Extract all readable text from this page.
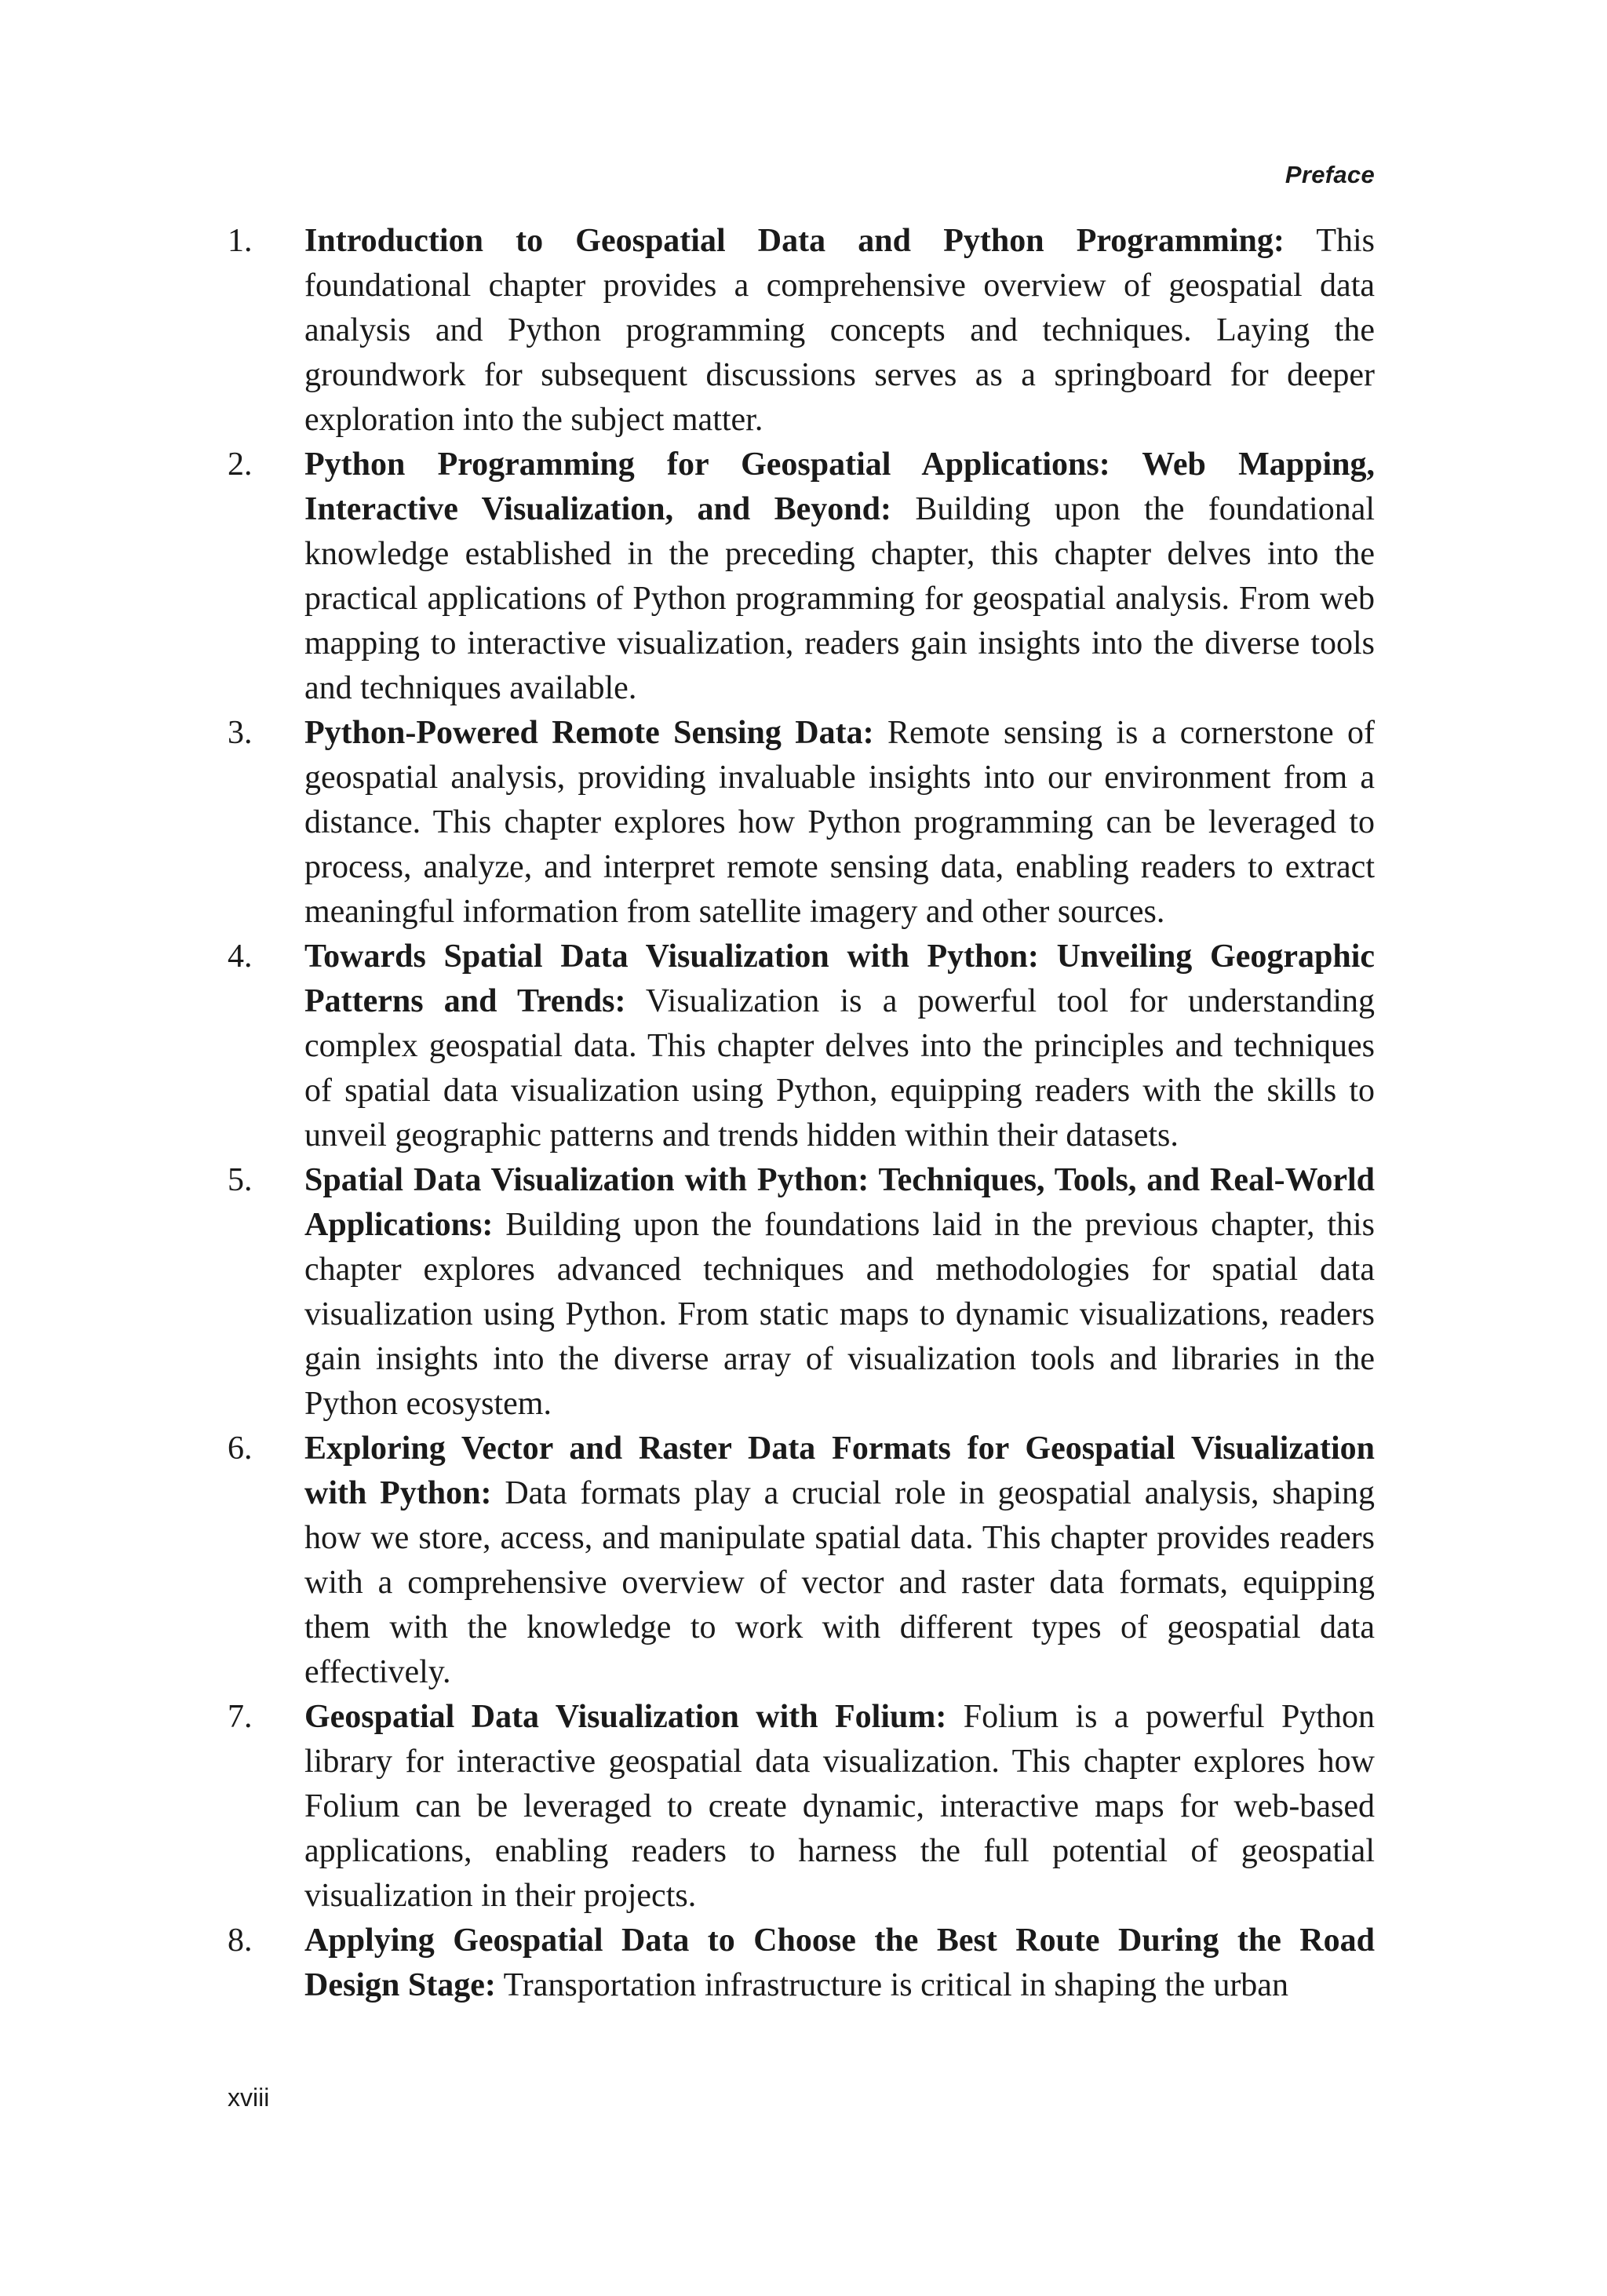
Preface
1.	Introduction to Geospatial Data and Python Programming: This foundational chapter provides a comprehensive overview of geospatial data analysis and Python programming concepts and techniques. Laying the groundwork for subsequent discussions serves as a springboard for deeper exploration into the subject matter.
2.	Python Programming for Geospatial Applications: Web Mapping, Interactive Visualization, and Beyond: Building upon the foundational knowledge established in the preceding chapter, this chapter delves into the practical applications of Python programming for geospatial analysis. From web mapping to interactive visualization, readers gain insights into the diverse tools and techniques available.
3.	Python-Powered Remote Sensing Data: Remote sensing is a cornerstone of geospatial analysis, providing invaluable insights into our environment from a distance. This chapter explores how Python programming can be leveraged to process, analyze, and interpret remote sensing data, enabling readers to extract meaningful information from satellite imagery and other sources.
4.	Towards Spatial Data Visualization with Python: Unveiling Geographic Patterns and Trends: Visualization is a powerful tool for understanding complex geospatial data. This chapter delves into the principles and techniques of spatial data visualization using Python, equipping readers with the skills to unveil geographic patterns and trends hidden within their datasets.
5.	Spatial Data Visualization with Python: Techniques, Tools, and Real-World Applications: Building upon the foundations laid in the previous chapter, this chapter explores advanced techniques and methodologies for spatial data visualization using Python. From static maps to dynamic visualizations, readers gain insights into the diverse array of visualization tools and libraries in the Python ecosystem.
6.	Exploring Vector and Raster Data Formats for Geospatial Visualization with Python: Data formats play a crucial role in geospatial analysis, shaping how we store, access, and manipulate spatial data. This chapter provides readers with a comprehensive overview of vector and raster data formats, equipping them with the knowledge to work with different types of geospatial data effectively.
7.	Geospatial Data Visualization with Folium: Folium is a powerful Python library for interactive geospatial data visualization. This chapter explores how Folium can be leveraged to create dynamic, interactive maps for web-based applications, enabling readers to harness the full potential of geospatial visualization in their projects.
8.	Applying Geospatial Data to Choose the Best Route During the Road Design Stage: Transportation infrastructure is critical in shaping the urban
xviii
